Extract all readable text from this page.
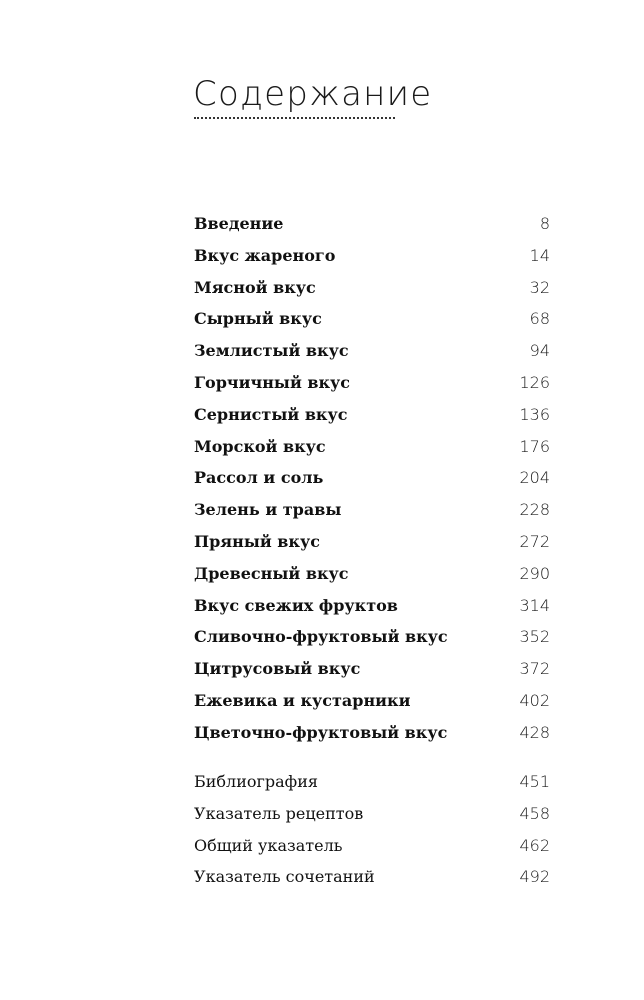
Содержание
Введение	8
Вкус жареного	14
Мясной вкус	32
Сырный вкус	68
Землистый вкус	94
Горчичный вкус	126
Сернистый вкус	136
Морской вкус	176
Рассол и соль	204
Зелень и травы	228
Пряный вкус	272
Древесный вкус	290
Вкус свежих фруктов	314
Сливочно-фруктовый вкус	352
Цитрусовый вкус	372
Ежевика и кустарники	402
Цветочно-фруктовый вкус	428
Библиография	451
Указатель рецептов	458
Общий указатель	462
Указатель сочетаний	492
